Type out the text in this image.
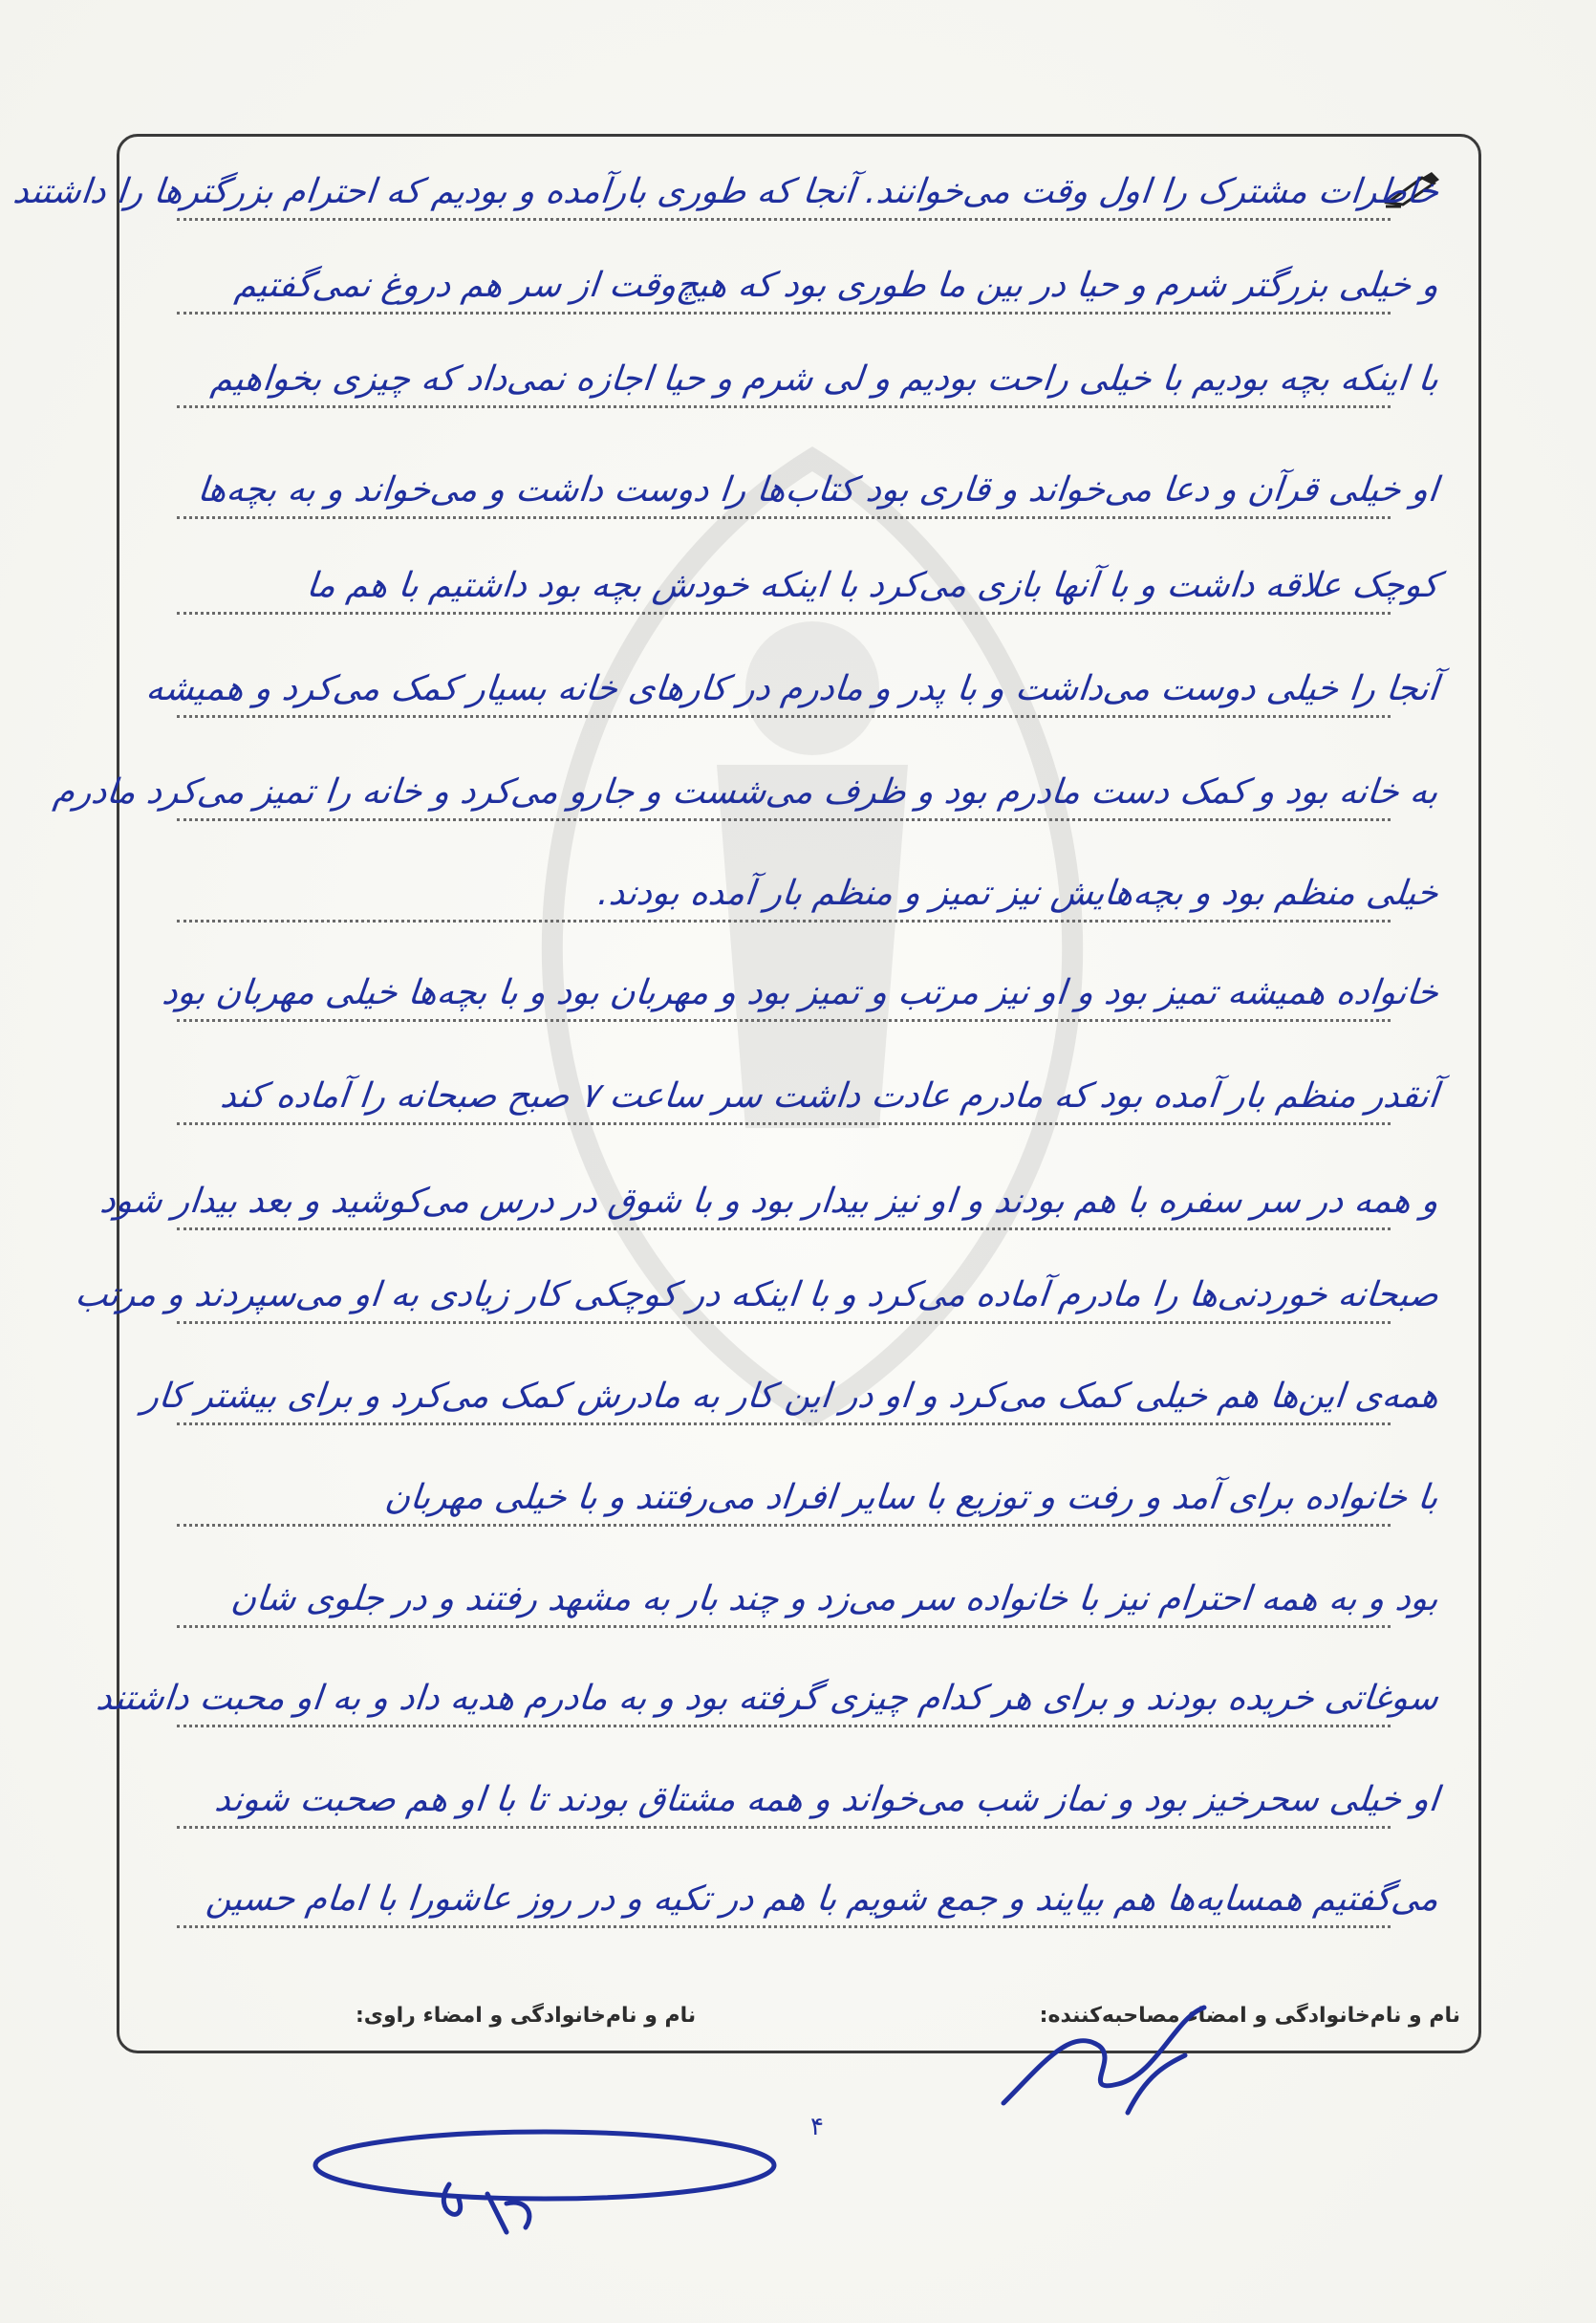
خاطرات مشترک را اول وقت می‌خوانند. آنجا که طوری بارآمده و بودیم که احترام بزرگترها را داشتند
و خیلی بزرگتر شرم و حیا در بین ما طوری بود که هیچ‌وقت از سر هم دروغ نمی‌گفتیم
با اینکه بچه بودیم با خیلی راحت بودیم و لی شرم و حیا اجازه نمی‌داد که چیزی بخواهیم
او خیلی قرآن و دعا می‌خواند و قاری بود کتاب‌ها را دوست داشت و می‌خواند و به بچه‌ها
کوچک علاقه داشت و با آنها بازی می‌کرد با اینکه خودش بچه بود داشتیم با هم ما
آنجا را خیلی دوست می‌داشت و با پدر و مادرم در کارهای خانه بسیار کمک می‌کرد و همیشه
به خانه بود و کمک دست مادرم بود و ظرف می‌شست و جارو می‌کرد و خانه را تمیز می‌کرد مادرم
خیلی منظم بود و بچه‌هایش نیز تمیز و منظم بار آمده بودند.
خانواده همیشه تمیز بود و او نیز مرتب و تمیز بود و مهربان بود و با بچه‌ها خیلی مهربان بود
آنقدر منظم بار آمده بود که مادرم عادت داشت سر ساعت ۷ صبح صبحانه را آماده کند
و همه در سر سفره با هم بودند و او نیز بیدار بود و با شوق در درس می‌کوشید و بعد بیدار شود
صبحانه خوردنی‌ها را مادرم آماده می‌کرد و با اینکه در کوچکی کار زیادی به او می‌سپردند و مرتب
همه‌ی این‌ها هم خیلی کمک می‌کرد و او در این کار به مادرش کمک می‌کرد و برای بیشتر کار
با خانواده برای آمد و رفت و توزیع با سایر افراد می‌رفتند و با خیلی مهربان
بود و به همه احترام نیز با خانواده سر می‌زد و چند بار به مشهد رفتند و در جلوی شان
سوغاتی خریده بودند و برای هر کدام چیزی گرفته بود و به مادرم هدیه داد و به او محبت داشتند
او خیلی سحرخیز بود و نماز شب می‌خواند و همه مشتاق بودند تا با او هم صحبت شوند
می‌گفتیم همسایه‌ها هم بیایند و جمع شویم با هم در تکیه و در روز عاشورا با امام حسین
نام و نام‌خانوادگی و امضاء مصاحبه‌کننده:
نام و نام‌خانوادگی و امضاء راوی:
۴
